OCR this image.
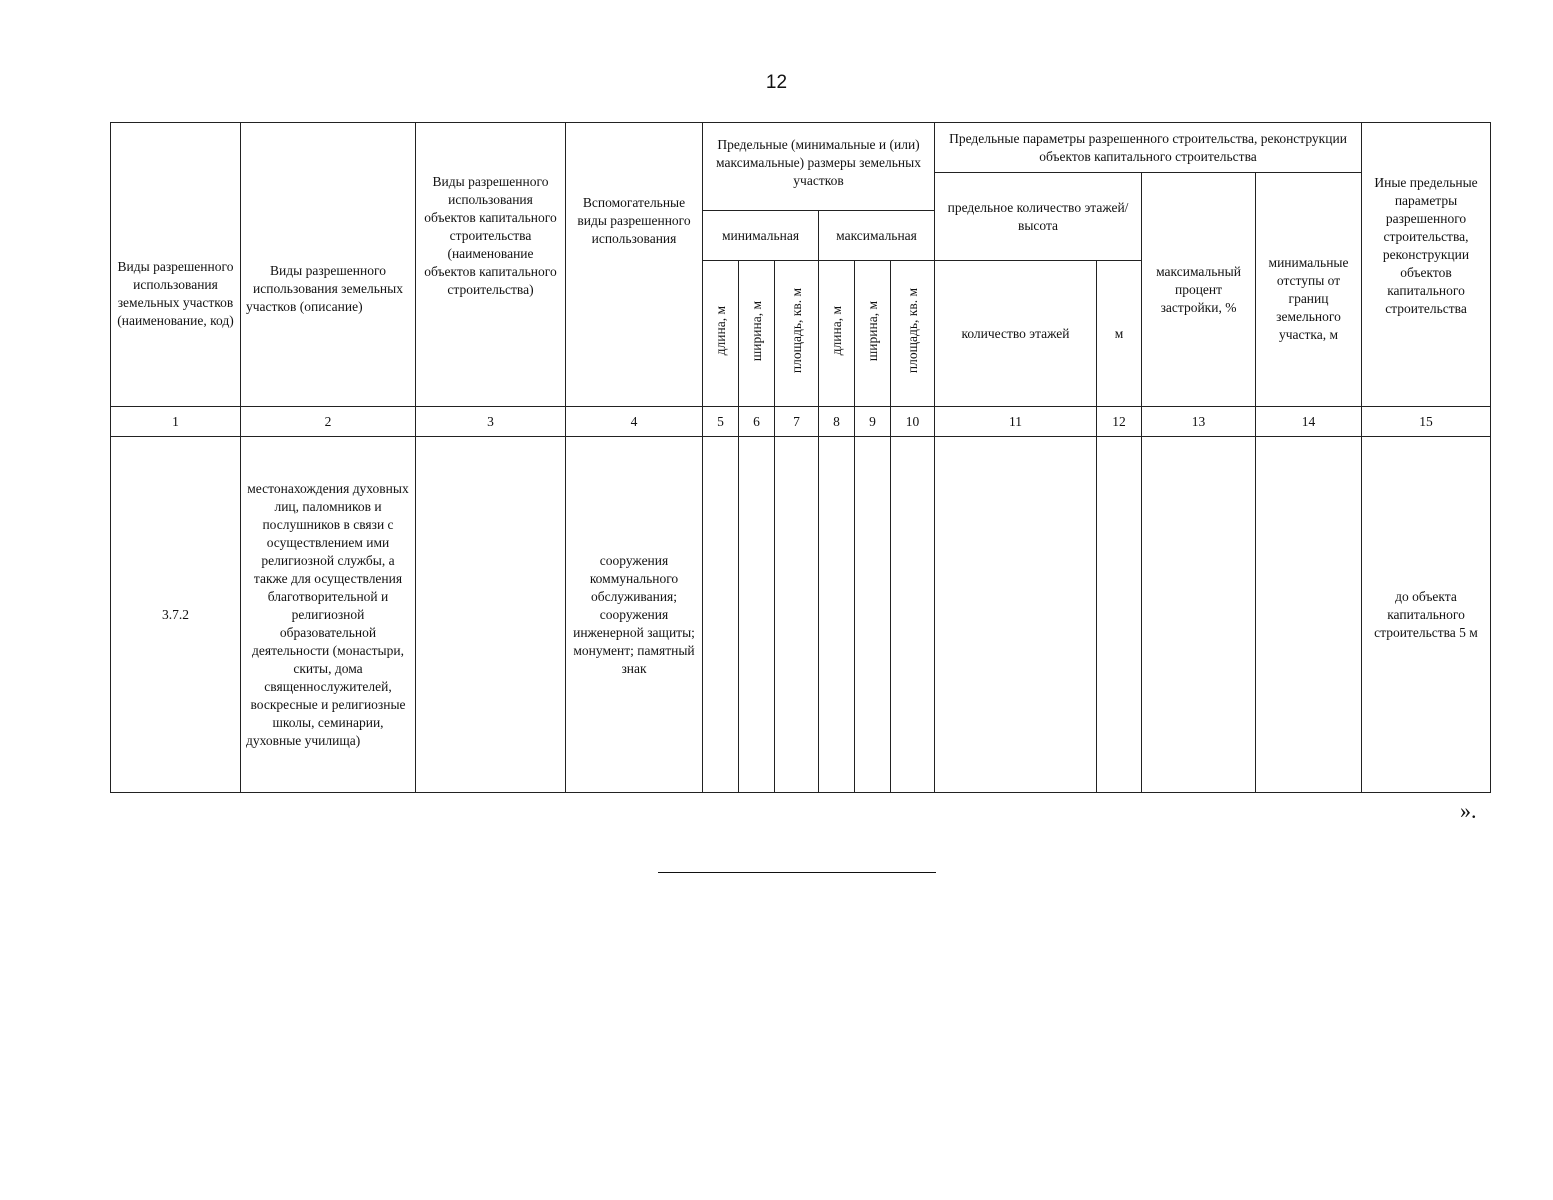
12
Виды разрешенного использования земельных участков (наименование, код)	Виды разрешенного использования земельных участков (описание)	Виды разрешенного использования объектов капитального строительства (наименование объектов капитального строительства)	Вспомогательные виды разрешенного использования	Предельные (минимальные и (или) максимальные) размеры земельных участков						Предельные параметры разрешенного строительства, реконструкции объектов капитального строительства				Иные предельные параметры разрешенного строительства, реконструкции объектов капитального строительства
										предельное количество этажей/высота		максимальный процент застройки, %	минимальные отступы от границ земельного участка, м	
				минимальная			максимальная							
				длина, м	ширина, м	площадь, кв. м	длина, м	ширина, м	площадь, кв. м	количество этажей	м			
1	2	3	4	5	6	7	8	9	10	11	12	13	14	15
3.7.2	местонахождения духовных лиц, паломников и послушников в связи с осуществлением ими религиозной службы, а также для осуществления благотворительной и религиозной образовательной деятельности (монастыри, скиты, дома священнослужителей, воскресные и религиозные школы, семинарии, духовные училища)		сооружения коммунального обслуживания; сооружения инженерной защиты; монумент; памятный знак											до объекта капитального строительства 5 м
».
